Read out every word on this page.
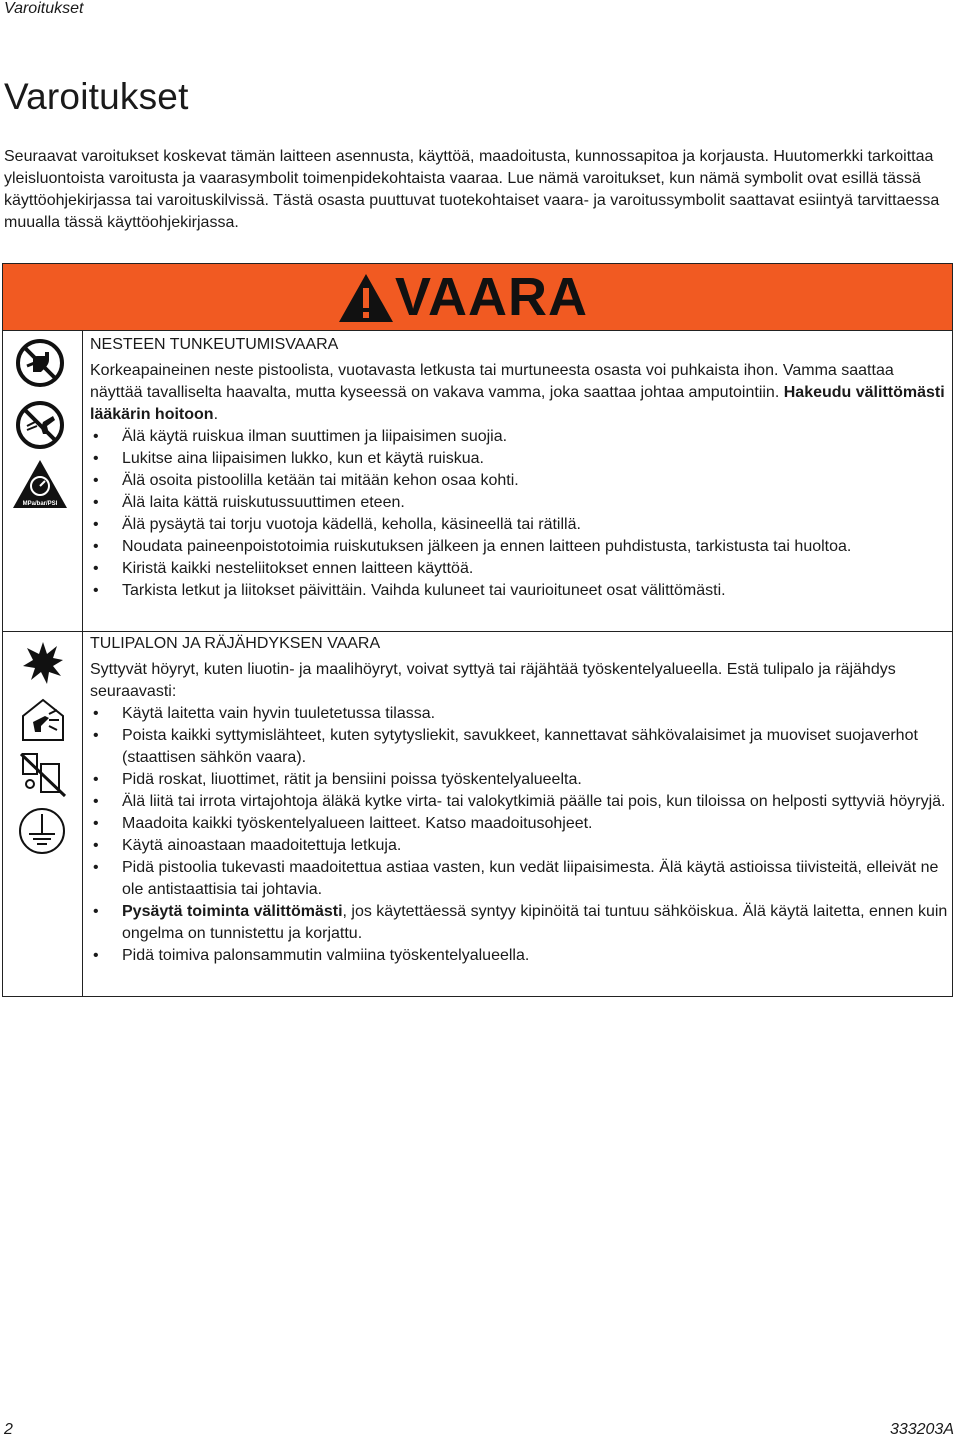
Varoitukset
Varoitukset

Seuraavat varoitukset koskevat tämän laitteen asennusta, käyttöä, maadoitusta, kunnossapitoa ja korjausta. Huutomerkki tarkoittaa yleisluontoista varoitusta ja vaarasymbolit toimenpidekohtaista vaaraa. Lue nämä varoitukset, kun nämä symbolit ovat esillä tässä käyttöohjekirjassa tai varoituskilvissä. Tästä osasta puuttuvat tuotekohtaiset vaara- ja varoitussymbolit saattavat esiintyä tarvittaessa muualla tässä käyttöohjekirjassa.

VAARA
MPa/bar/PSI
NESTEEN TUNKEUTUMISVAARA

Korkeapaineinen neste pistoolista, vuotavasta letkusta tai murtuneesta osasta voi puhkaista ihon. Vamma saattaa näyttää tavalliselta haavalta, mutta kyseessä on vakava vamma, joka saattaa johtaa amputointiin. Hakeudu välittömästi lääkärin hoitoon.

• Älä käytä ruiskua ilman suuttimen ja liipaisimen suojia.
• Lukitse aina liipaisimen lukko, kun et käytä ruiskua.
• Älä osoita pistoolilla ketään tai mitään kehon osaa kohti.
• Älä laita kättä ruiskutussuuttimen eteen.
• Älä pysäytä tai torju vuotoja kädellä, keholla, käsineellä tai rätillä.
• Noudata paineenpoistotoimia ruiskutuksen jälkeen ja ennen laitteen puhdistusta, tarkistusta tai huoltoa.
• Kiristä kaikki nesteliitokset ennen laitteen käyttöä.
• Tarkista letkut ja liitokset päivittäin. Vaihda kuluneet tai vaurioituneet osat välittömästi.
TULIPALON JA RÄJÄHDYKSEN VAARA

Syttyvät höyryt, kuten liuotin- ja maalihöyryt, voivat syttyä tai räjähtää työskentelyalueella. Estä tulipalo ja räjähdys seuraavasti:

• Käytä laitetta vain hyvin tuuletetussa tilassa.
• Poista kaikki syttymislähteet, kuten sytytysliekit, savukkeet, kannettavat sähkövalaisimet ja muoviset suojaverhot (staattisen sähkön vaara).
• Pidä roskat, liuottimet, rätit ja bensiini poissa työskentelyalueelta.
• Älä liitä tai irrota virtajohtoja äläkä kytke virta- tai valokytkimiä päälle tai pois, kun tiloissa on helposti syttyviä höyryjä.
• Maadoita kaikki työskentelyalueen laitteet. Katso maadoitusohjeet.
• Käytä ainoastaan maadoitettuja letkuja.
• Pidä pistoolia tukevasti maadoitettua astiaa vasten, kun vedät liipaisimesta. Älä käytä astioissa tiivisteitä, elleivät ne ole antistaattisia tai johtavia.
• Pysäytä toiminta välittömästi, jos käytettäessä syntyy kipinöitä tai tuntuu sähköiskua. Älä käytä laitetta, ennen kuin ongelma on tunnistettu ja korjattu.
• Pidä toimiva palonsammutin valmiina työskentelyalueella.
2	333203A
